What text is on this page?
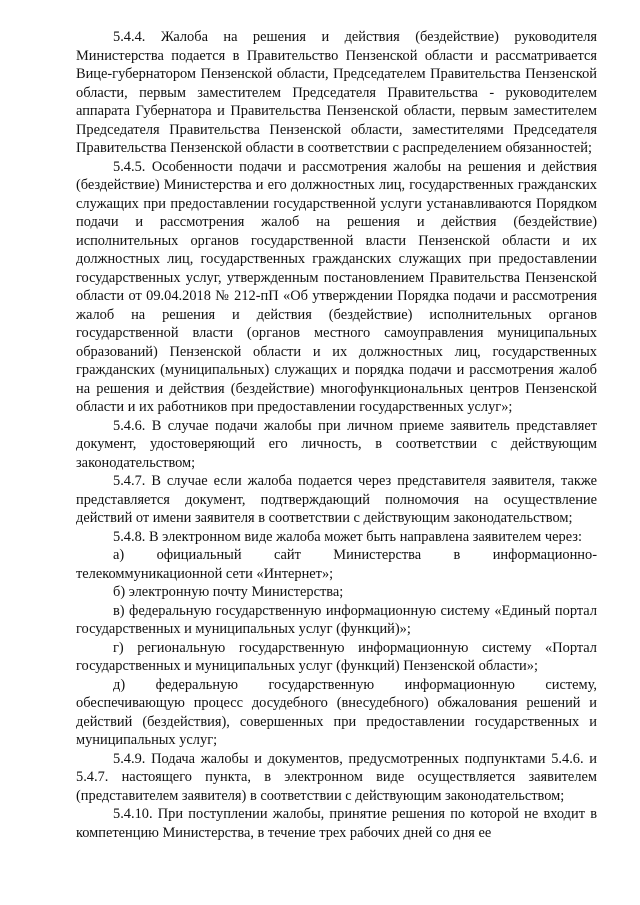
5.4.4. Жалоба на решения и действия (бездействие) руководителя Министерства подается в Правительство Пензенской области и рассматривается Вице-губернатором Пензенской области, Председателем Правительства Пензенской области, первым заместителем Председателя Правительства - руководителем аппарата Губернатора и Правительства Пензенской области, первым заместителем Председателя Правительства Пензенской области, заместителями Председателя Правительства Пензенской области в соответствии с распределением обязанностей;

5.4.5. Особенности подачи и рассмотрения жалобы на решения и действия (бездействие) Министерства и его должностных лиц, государственных гражданских служащих при предоставлении государственной услуги устанавливаются Порядком подачи и рассмотрения жалоб на решения и действия (бездействие) исполнительных органов государственной власти Пензенской области и их должностных лиц, государственных гражданских служащих при предоставлении государственных услуг, утвержденным постановлением Правительства Пензенской области от 09.04.2018 № 212-пП «Об утверждении Порядка подачи и рассмотрения жалоб на решения и действия (бездействие) исполнительных органов государственной власти (органов местного самоуправления муниципальных образований) Пензенской области и их должностных лиц, государственных гражданских (муниципальных) служащих и порядка подачи и рассмотрения жалоб на решения и действия (бездействие) многофункциональных центров Пензенской области и их работников при предоставлении государственных услуг»;

5.4.6. В случае подачи жалобы при личном приеме заявитель представляет документ, удостоверяющий его личность, в соответствии с действующим законодательством;

5.4.7. В случае если жалоба подается через представителя заявителя, также представляется документ, подтверждающий полномочия на осуществление действий от имени заявителя в соответствии с действующим законодательством;

5.4.8. В электронном виде жалоба может быть направлена заявителем через:

а) официальный сайт Министерства в информационно-телекоммуникационной сети «Интернет»;

б) электронную почту Министерства;

в) федеральную государственную информационную систему «Единый портал государственных и муниципальных услуг (функций)»;

г) региональную государственную информационную систему «Портал государственных и муниципальных услуг (функций) Пензенской области»;

д) федеральную государственную информационную систему, обеспечивающую процесс досудебного (внесудебного) обжалования решений и действий (бездействия), совершенных при предоставлении государственных и муниципальных услуг;

5.4.9. Подача жалобы и документов, предусмотренных подпунктами 5.4.6. и 5.4.7. настоящего пункта, в электронном виде осуществляется заявителем (представителем заявителя) в соответствии с действующим законодательством;

5.4.10. При поступлении жалобы, принятие решения по которой не входит в компетенцию Министерства, в течение трех рабочих дней со дня ее
